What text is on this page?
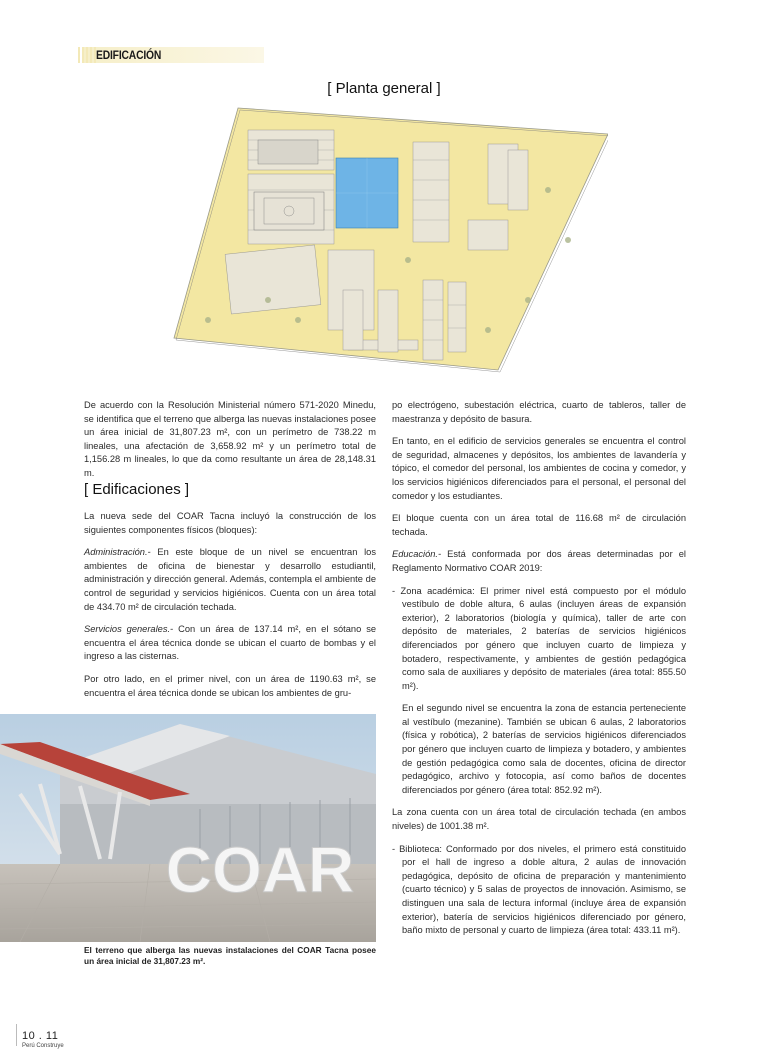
EDIFICACIÓN
[ Planta general ]

De acuerdo con la Resolución Ministerial número 571-2020 Minedu, se identifica que el terreno que alberga las nuevas instalaciones posee un área inicial de 31,807.23 m², con un perímetro de 738.22 m lineales, una afectación de 3,658.92 m² y un perímetro total de 1,156.28 m lineales, lo que da como resultante un área de 28,148.31 m.

[ Edificaciones ]

La nueva sede del COAR Tacna incluyó la construcción de los siguientes componentes físicos (bloques):

Administración.- En este bloque de un nivel se encuentran los ambientes de oficina de bienestar y desarrollo estudiantil, administración y dirección general. Además, contempla el ambiente de control de seguridad y servicios higiénicos. Cuenta con un área total de 434.70 m² de circulación techada.

Servicios generales.- Con un área de 137.14 m², en el sótano se encuentra el área técnica donde se ubican el cuarto de bombas y el ingreso a las cisternas.

Por otro lado, en el primer nivel, con un área de 1190.63 m², se encuentra el área técnica donde se ubican los ambientes de gru-

COAR
El terreno que alberga las nuevas instalaciones del COAR Tacna posee un área inicial de 31,807.23 m².

po electrógeno, subestación eléctrica, cuarto de tableros, taller de maestranza y depósito de basura.

En tanto, en el edificio de servicios generales se encuentra el control de seguridad, almacenes y depósitos, los ambientes de lavandería y tópico, el comedor del personal, los ambientes de cocina y comedor, y los servicios higiénicos diferenciados para el personal, el personal del comedor y los estudiantes.

El bloque cuenta con un área total de 116.68 m² de circulación techada.

Educación.- Está conformada por dos áreas determinadas por el Reglamento Normativo COAR 2019:

- Zona académica: El primer nivel está compuesto por el módulo vestíbulo de doble altura, 6 aulas (incluyen áreas de expansión exterior), 2 laboratorios (biología y química), taller de arte con depósito de materiales, 2 baterías de servicios higiénicos diferenciados por género que incluyen cuarto de limpieza y botadero, respectivamente, y ambientes de gestión pedagógica como sala de auxiliares y depósito de materiales (área total: 855.50 m²).

En el segundo nivel se encuentra la zona de estancia perteneciente al vestíbulo (mezanine). También se ubican 6 aulas, 2 laboratorios (física y robótica), 2 baterías de servicios higiénicos diferenciados por género que incluyen cuarto de limpieza y botadero, y ambientes de gestión pedagógica como sala de docentes, oficina de director pedagógico, archivo y fotocopia, así como baños de docentes diferenciados por género (área total: 852.92 m²).

La zona cuenta con un área total de circulación techada (en ambos niveles) de 1001.38 m².

- Biblioteca: Conformado por dos niveles, el primero está constituido por el hall de ingreso a doble altura, 2 aulas de innovación pedagógica, depósito de oficina de preparación y mantenimiento (cuarto técnico) y 5 salas de proyectos de innovación. Asimismo, se distinguen una sala de lectura informal (incluye área de expansión exterior), batería de servicios higiénicos diferenciado por género, baño mixto de personal y cuarto de limpieza (área total: 433.11 m²).

10 . 11
Perú Construye
